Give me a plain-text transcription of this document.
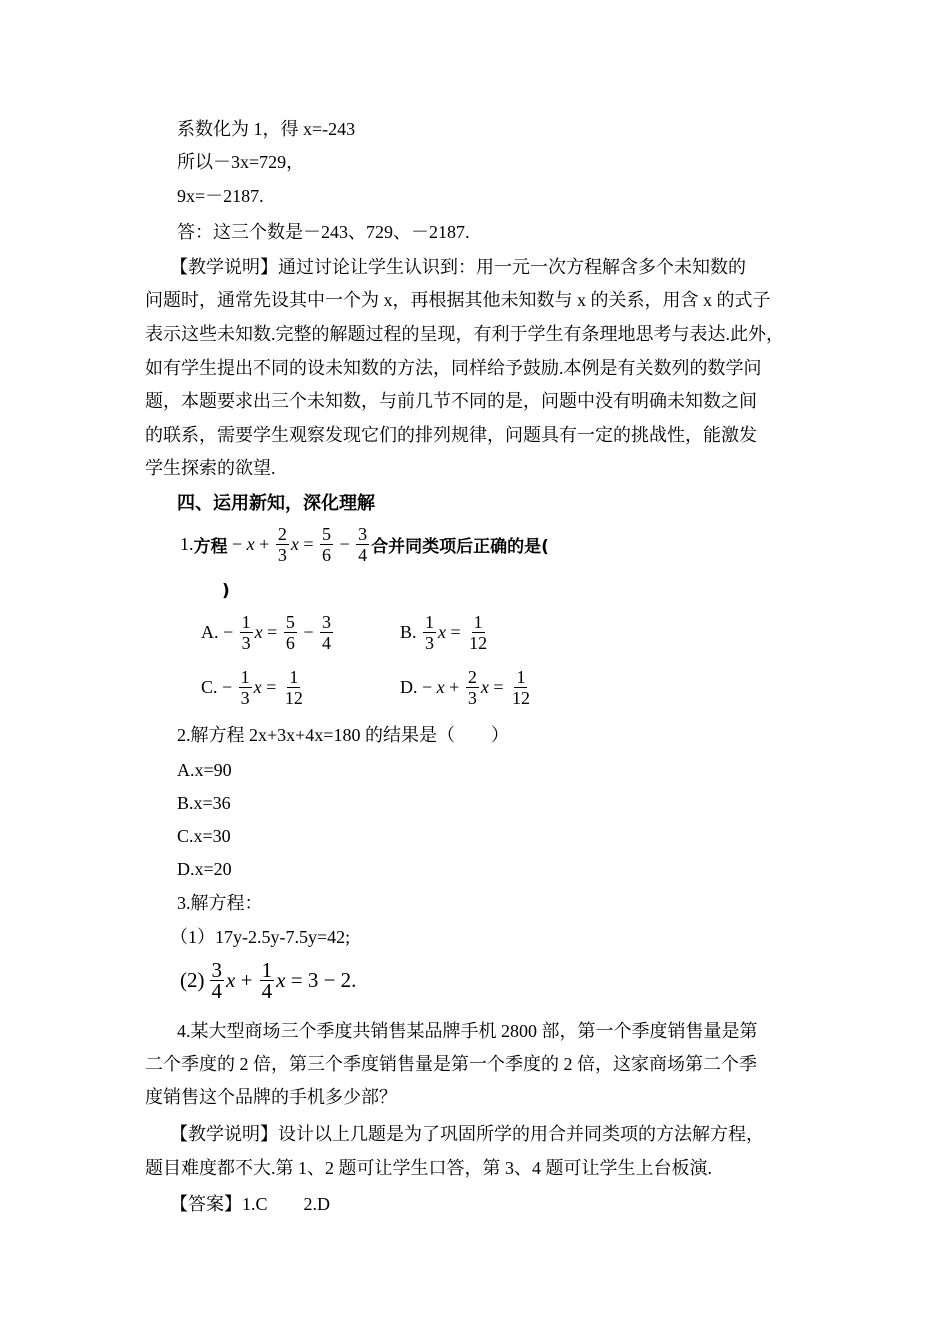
系数化为 1，得 x=-243
所以－3x=729，
9x=－2187.
答：这三个数是－243、729、－2187.
【教学说明】通过讨论让学生认识到：用一元一次方程解含多个未知数的
问题时，通常先设其中一个为 x，再根据其他未知数与 x 的关系，用含 x 的式子
表示这些未知数.完整的解题过程的呈现，有利于学生有条理地思考与表达.此外，
如有学生提出不同的设未知数的方法，同样给予鼓励.本例是有关数列的数学问
题，本题要求出三个未知数，与前几节不同的是，问题中没有明确未知数之间
的联系，需要学生观察发现它们的排列规律，问题具有一定的挑战性，能激发
学生探索的欲望.
四、运用新知，深化理解
1. 方程 − $x + \frac{2}{3}$ $x = \frac{5}{6} - \frac{3}{4}$ 合并同类项后正确的是(
)
A. − $\frac{1}{3}$ $x = \frac{5}{6} - \frac{3}{4}$	B.
$\frac{1}{3}$ $x = \frac{1}{12}$
C. − $\frac{1}{3}$ $x = \frac{1}{12}$	D. − $x + \frac{2}{3}$ $x = \frac{1}{12}$
2.解方程 2x+3x+4x=180 的结果是（　　）
A.x=90
B.x=36
C.x=30
D.x=20
3.解方程：
（1）17y-2.5y-7.5y=42;
$(2) \frac{3}{4}$ $x + \frac{1}{4}$ x = 3 − 2.
4.某大型商场三个季度共销售某品牌手机 2800 部，第一个季度销售量是第
二个季度的 2 倍，第三个季度销售量是第一个季度的 2 倍，这家商场第二个季
度销售这个品牌的手机多少部？
【教学说明】设计以上几题是为了巩固所学的用合并同类项的方法解方程，
题目难度都不大.第 1、2 题可让学生口答，第 3、4 题可让学生上台板演.
【答案】1.C　　2.D
